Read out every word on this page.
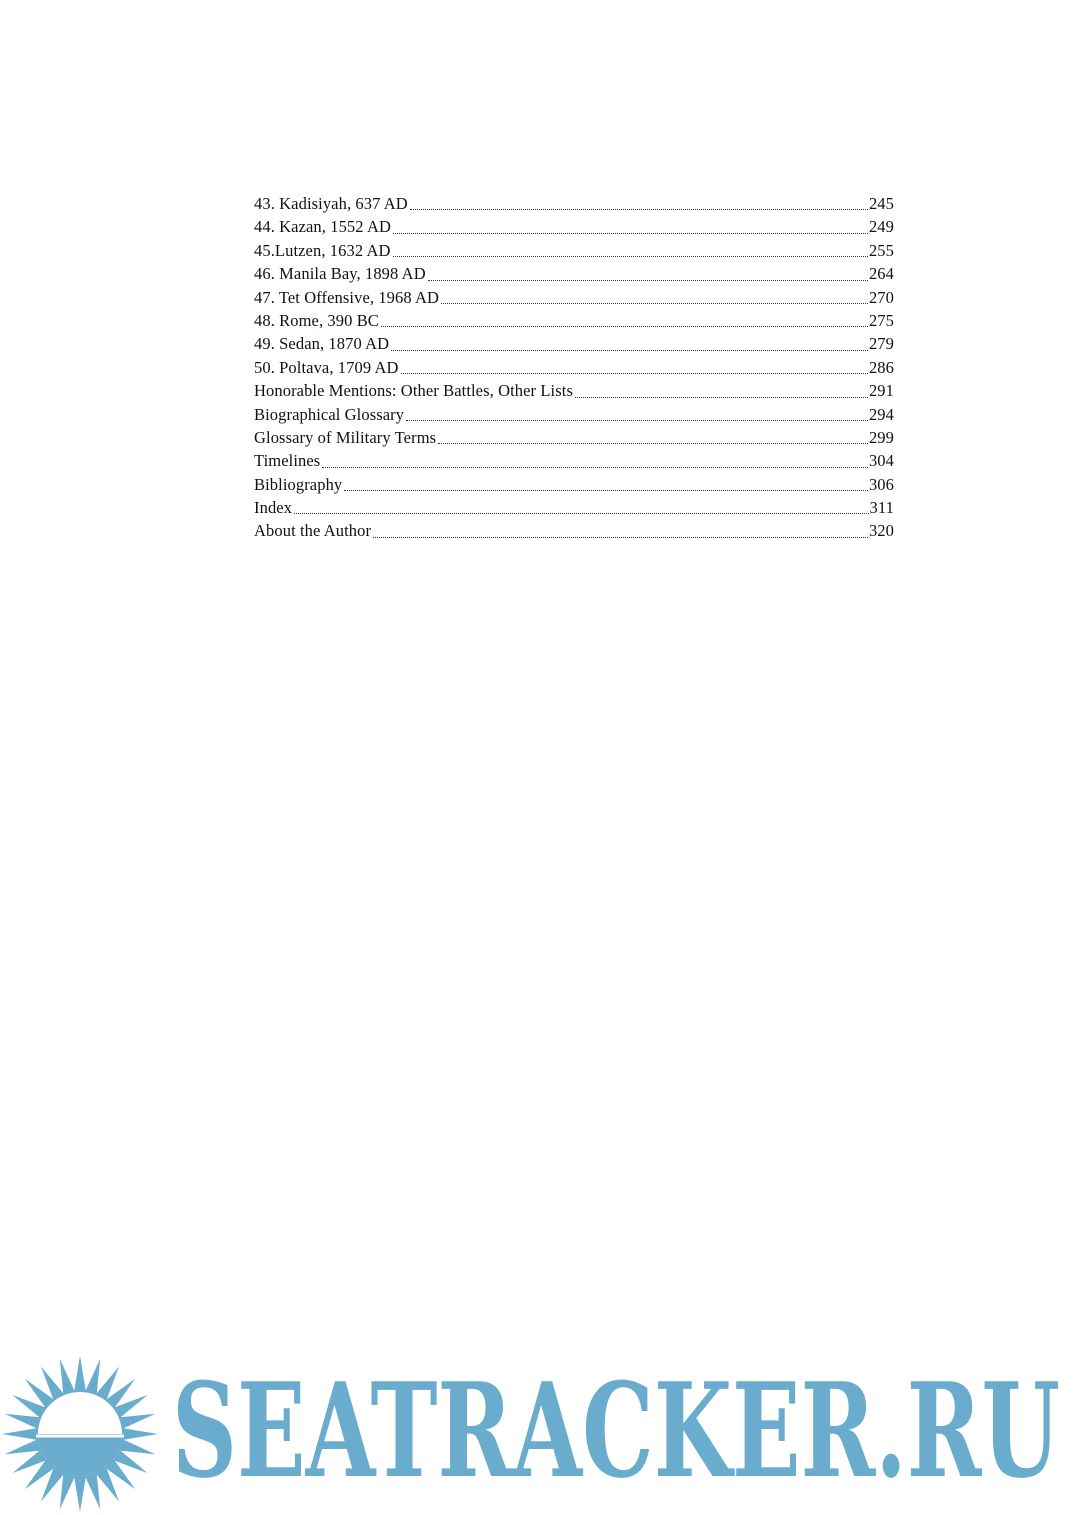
43. Kadisiyah, 637 AD	245
44. Kazan, 1552 AD	249
45.Lutzen, 1632 AD	255
46. Manila Bay, 1898 AD	264
47. Tet Offensive, 1968 AD	270
48. Rome, 390 BC	275
49. Sedan, 1870 AD	279
50. Poltava, 1709 AD	286
Honorable Mentions: Other Battles, Other Lists	291
Biographical Glossary	294
Glossary of Military Terms	299
Timelines	304
Bibliography	306
Index	311
About the Author	320
SEATRACKER.RU
